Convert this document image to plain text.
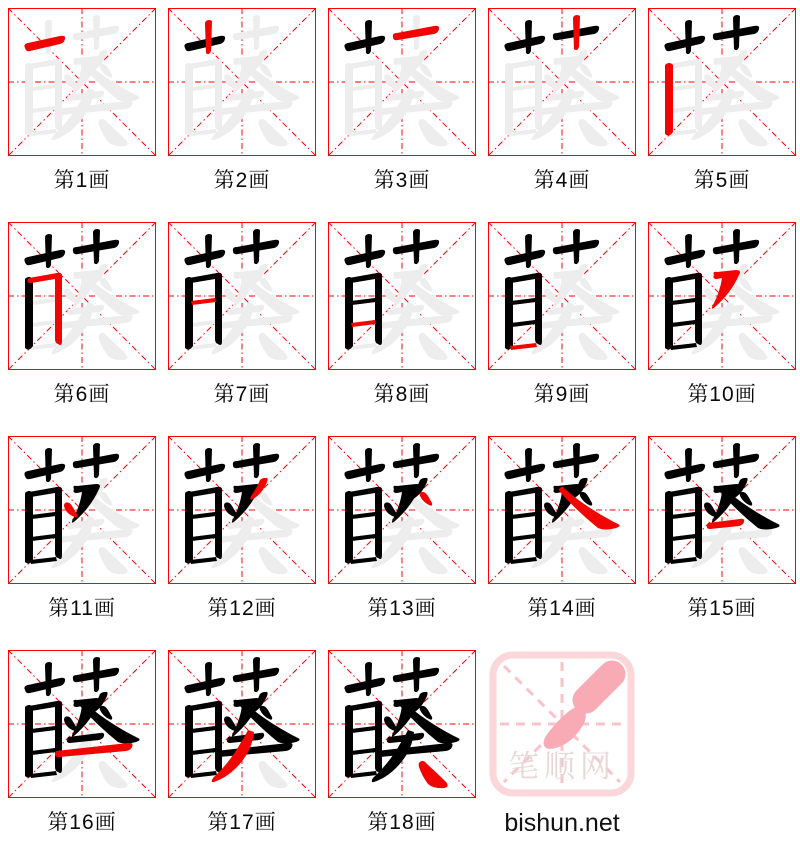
第1画	第2画	第3画	第4画	第5画
第6画	第7画	第8画	第9画	第10画
第11画	第12画	第13画	第14画	第15画
第16画	第17画	第18画
笔顺网
bishun.net
